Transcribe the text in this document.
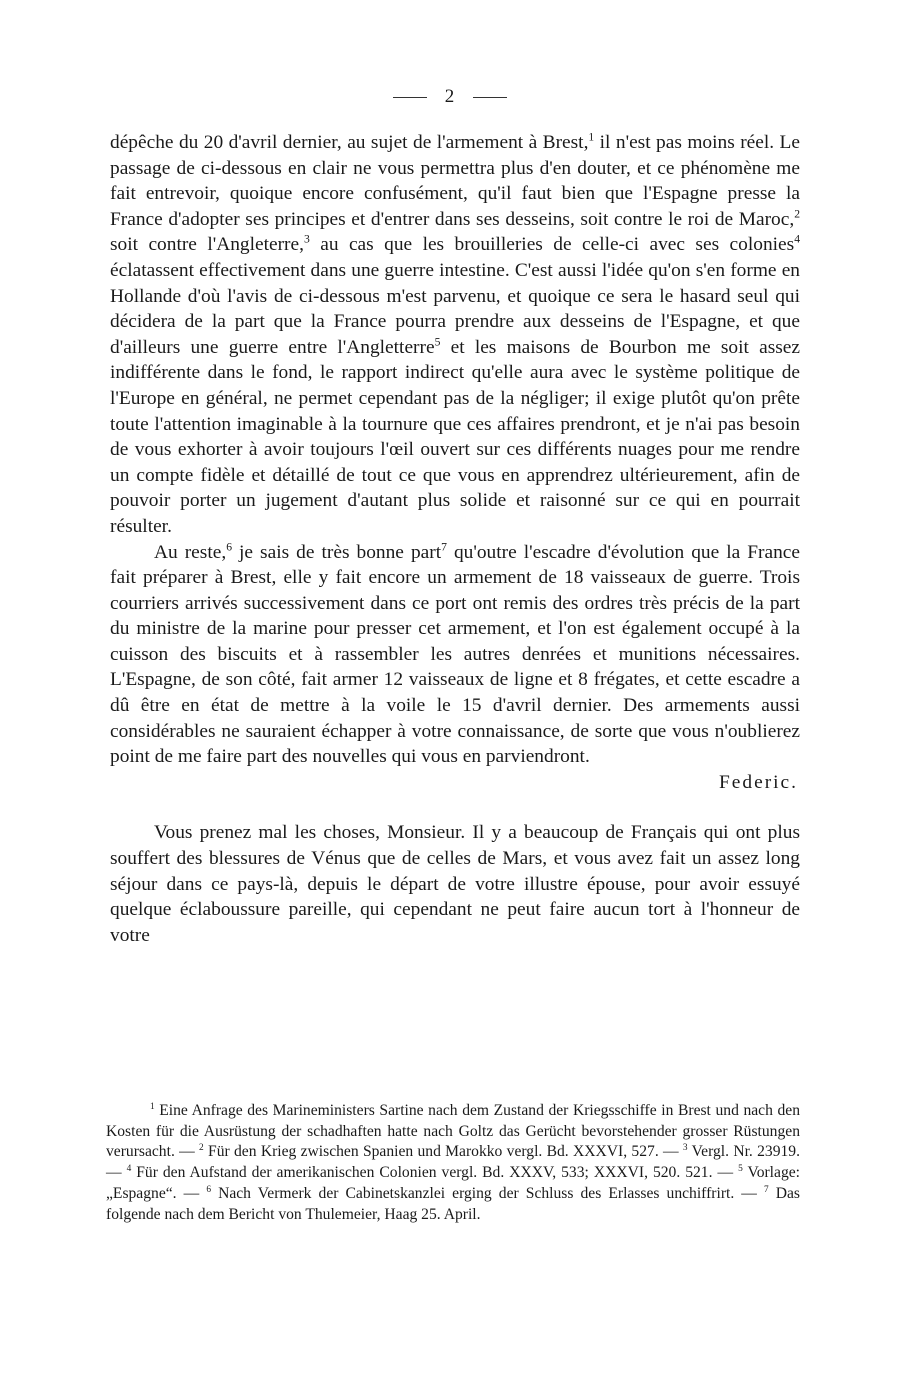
2

dépêche du 20 d'avril dernier, au sujet de l'armement à Brest,$^1$ il n'est pas moins réel. Le passage de ci-dessous en clair ne vous permettra plus d'en douter, et ce phénomène me fait entrevoir, quoique encore confusément, qu'il faut bien que l'Espagne presse la France d'adopter ses principes et d'entrer dans ses desseins, soit contre le roi de Maroc,$^2$ soit contre l'Angleterre,$^3$ au cas que les brouilleries de celle-ci avec ses colonies$^4$ éclatassent effectivement dans une guerre intestine. C'est aussi l'idée qu'on s'en forme en Hollande d'où l'avis de ci-dessous m'est parvenu, et quoique ce sera le hasard seul qui décidera de la part que la France pourra prendre aux desseins de l'Espagne, et que d'ailleurs une guerre entre l'Angletterre$^5$ et les maisons de Bourbon me soit assez indifférente dans le fond, le rapport indirect qu'elle aura avec le système politique de l'Europe en général, ne permet cependant pas de la négliger; il exige plutôt qu'on prête toute l'attention imaginable à la tournure que ces affaires prendront, et je n'ai pas besoin de vous exhorter à avoir toujours l'œil ouvert sur ces différents nuages pour me rendre un compte fidèle et détaillé de tout ce que vous en apprendrez ultérieurement, afin de pouvoir porter un jugement d'autant plus solide et raisonné sur ce qui en pourrait résulter.

Au reste,$^6$ je sais de très bonne part$^7$ qu'outre l'escadre d'évolution que la France fait préparer à Brest, elle y fait encore un armement de 18 vaisseaux de guerre. Trois courriers arrivés successivement dans ce port ont remis des ordres très précis de la part du ministre de la marine pour presser cet armement, et l'on est également occupé à la cuisson des biscuits et à rassembler les autres denrées et munitions nécessaires. L'Espagne, de son côté, fait armer 12 vaisseaux de ligne et 8 frégates, et cette escadre a dû être en état de mettre à la voile le 15 d'avril dernier. Des armements aussi considérables ne sauraient échapper à votre connaissance, de sorte que vous n'oublierez point de me faire part des nouvelles qui vous en parviendront.

Federic.

Vous prenez mal les choses, Monsieur. Il y a beaucoup de Français qui ont plus souffert des blessures de Vénus que de celles de Mars, et vous avez fait un assez long séjour dans ce pays-là, depuis le départ de votre illustre épouse, pour avoir essuyé quelque éclaboussure pareille, qui cependant ne peut faire aucun tort à l'honneur de votre

$^1$ Eine Anfrage des Marineministers Sartine nach dem Zustand der Kriegsschiffe in Brest und nach den Kosten für die Ausrüstung der schadhaften hatte nach Goltz das Gerücht bevorstehender grosser Rüstungen verursacht. — $^2$ Für den Krieg zwischen Spanien und Marokko vergl. Bd. XXXVI, 527. — $^3$ Vergl. Nr. 23919. — $^4$ Für den Aufstand der amerikanischen Colonien vergl. Bd. XXXV, 533; XXXVI, 520. 521. — $^5$ Vorlage: „Espagne“. — $^6$ Nach Vermerk der Cabinetskanzlei erging der Schluss des Erlasses unchiffrirt. — $^7$ Das folgende nach dem Bericht von Thulemeier, Haag 25. April.
